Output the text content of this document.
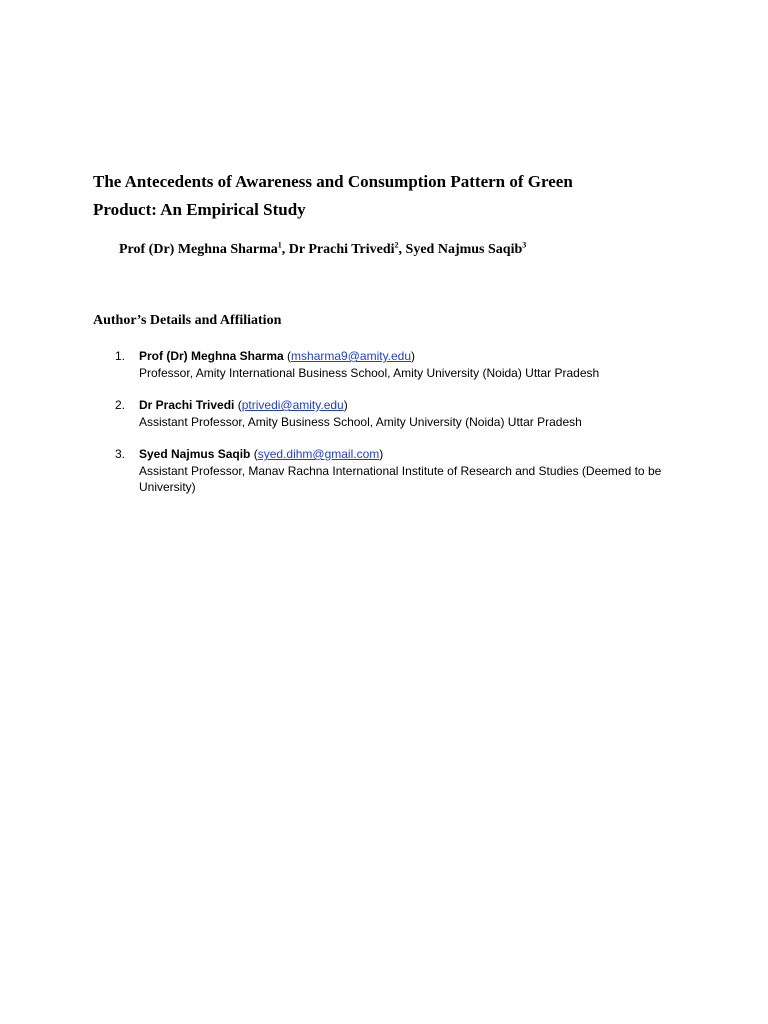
The Antecedents of Awareness and Consumption Pattern of Green
Product: An Empirical Study

Prof (Dr) Meghna Sharma$^1$, Dr Prachi Trivedi$^2$, Syed Najmus Saqib$^3$

Author’s Details and Affiliation
1. Prof (Dr) Meghna Sharma (msharma9@amity.edu)
Professor, Amity International Business School, Amity University (Noida) Uttar Pradesh
2. Dr Prachi Trivedi (ptrivedi@amity.edu)
Assistant Professor, Amity Business School, Amity University (Noida) Uttar Pradesh
3. Syed Najmus Saqib (syed.dihm@gmail.com)
Assistant Professor, Manav Rachna International Institute of Research and Studies (Deemed to be University)
